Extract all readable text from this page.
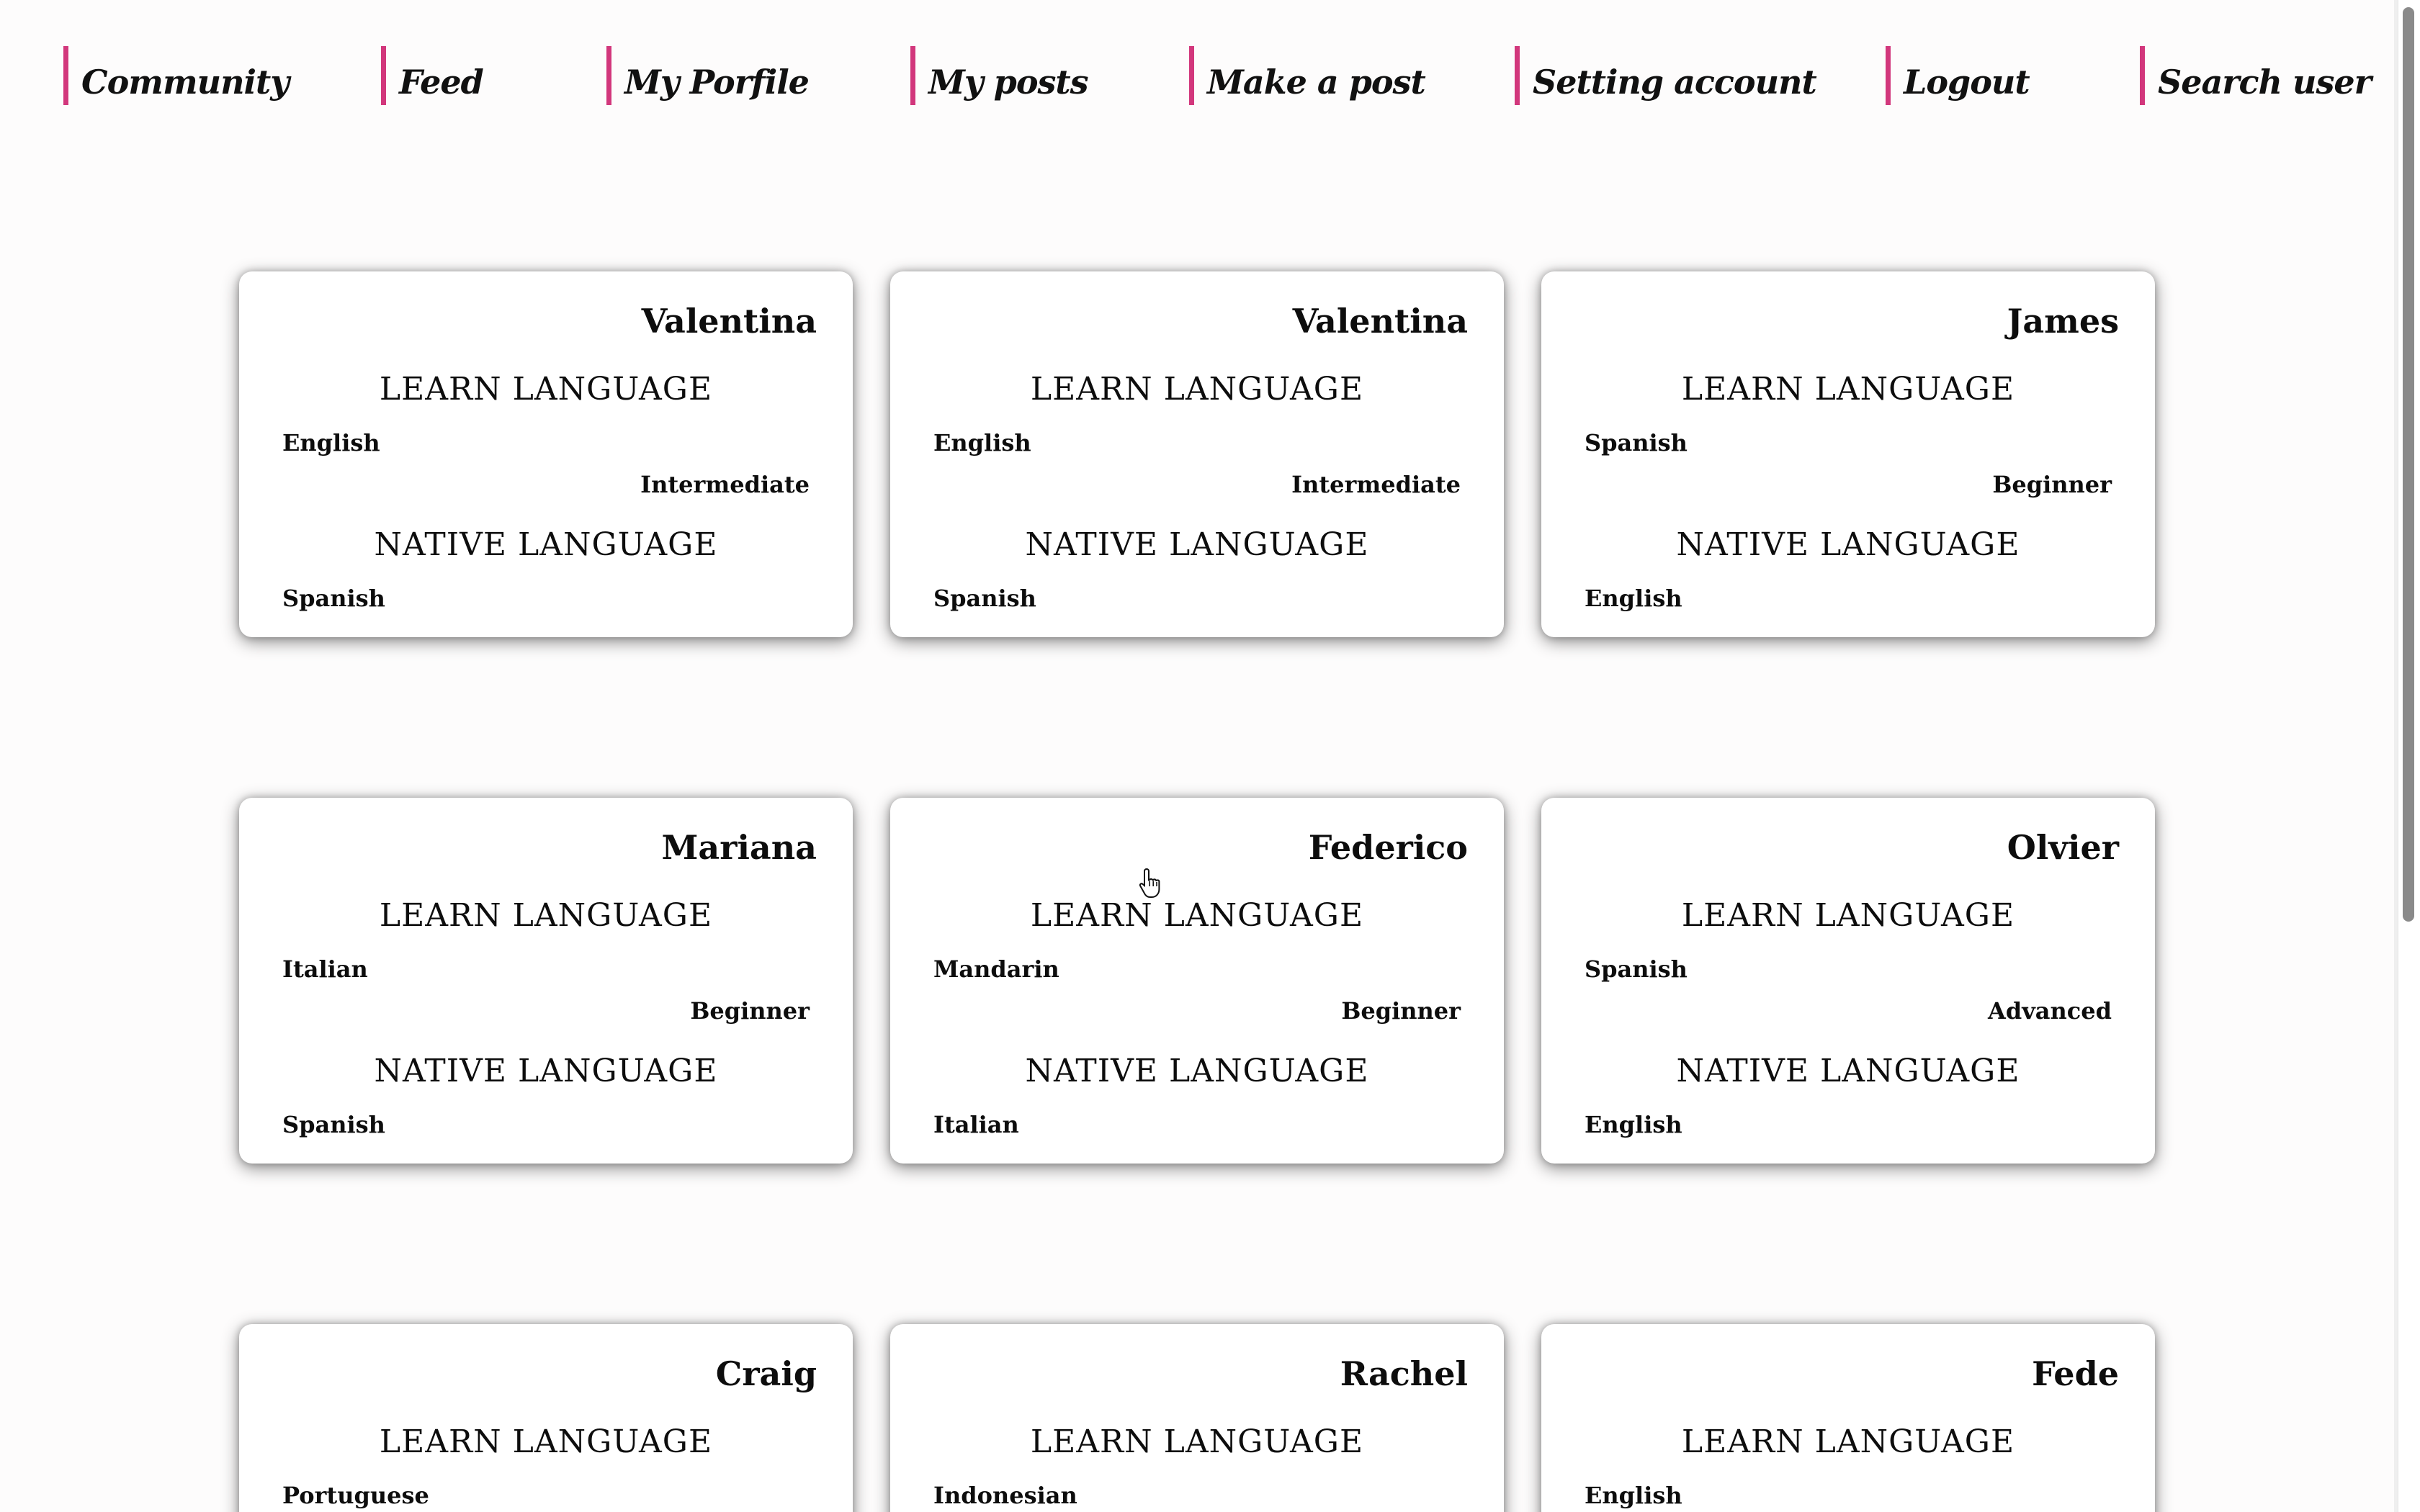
Community	Feed	My Porfile	My posts	Make a post	Setting account	Logout	Search user
Valentina
LEARN LANGUAGE
English
Intermediate
NATIVE LANGUAGE
Spanish
Valentina
LEARN LANGUAGE
English
Intermediate
NATIVE LANGUAGE
Spanish
James
LEARN LANGUAGE
Spanish
Beginner
NATIVE LANGUAGE
English
Mariana
LEARN LANGUAGE
Italian
Beginner
NATIVE LANGUAGE
Spanish
Federico
LEARN LANGUAGE
Mandarin
Beginner
NATIVE LANGUAGE
Italian
Olvier
LEARN LANGUAGE
Spanish
Advanced
NATIVE LANGUAGE
English
Craig
LEARN LANGUAGE
Portuguese
Rachel
LEARN LANGUAGE
Indonesian
Fede
LEARN LANGUAGE
English
